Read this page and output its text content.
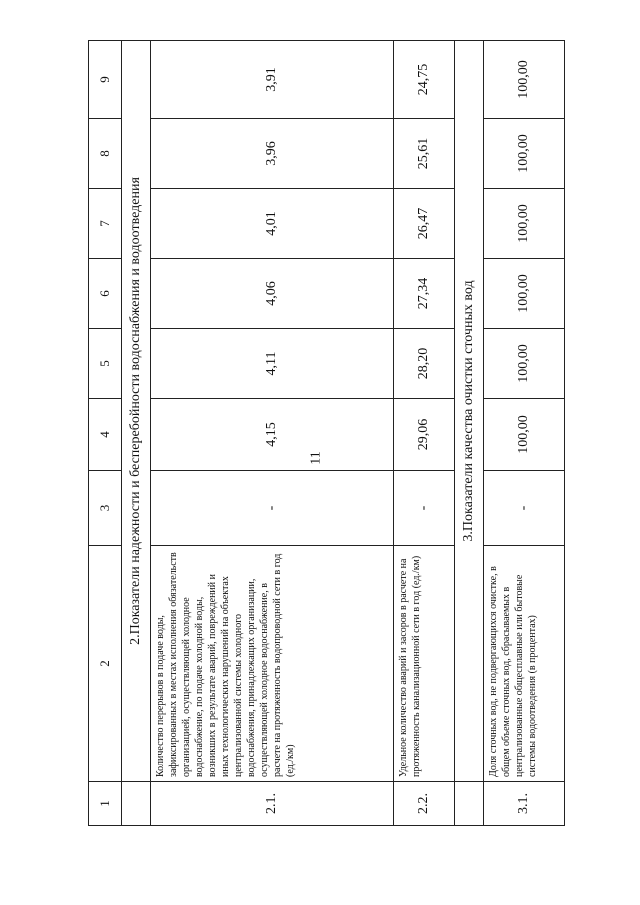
11
1	2	3	4	5	6	7	8	9
	2.Показатели надежности и бесперебойности водоснабжения и водоотведения							
2.1.	Количество перерывов в подаче воды, зафиксированных в местах исполнения обязательств организацией, осуществляющей холодное водоснабжение, по подаче холодной воды, возникших в результате аварий, повреждений и иных технологических нарушений на объектах централизованной системы холодного водоснабжения, принадлежащих организации, осуществляющей холодное водоснабжение, в расчете на протяженность водопроводной сети в год (ед./км)	-	4,15	4,11	4,06	4,01	3,96	3,91
2.2.	Удельное количество аварий и засоров в расчете на протяженность канализационной сети в год (ед./км)	-	29,06	28,20	27,34	26,47	25,61	24,75
	3.Показатели качества очистки сточных вод							
3.1.	Доля сточных вод, не подвергающихся очистке, в общем объеме сточных вод, сбрасываемых в централизованные общесплавные или бытовые системы водоотведения (в процентах)	-	100,00	100,00	100,00	100,00	100,00	100,00
